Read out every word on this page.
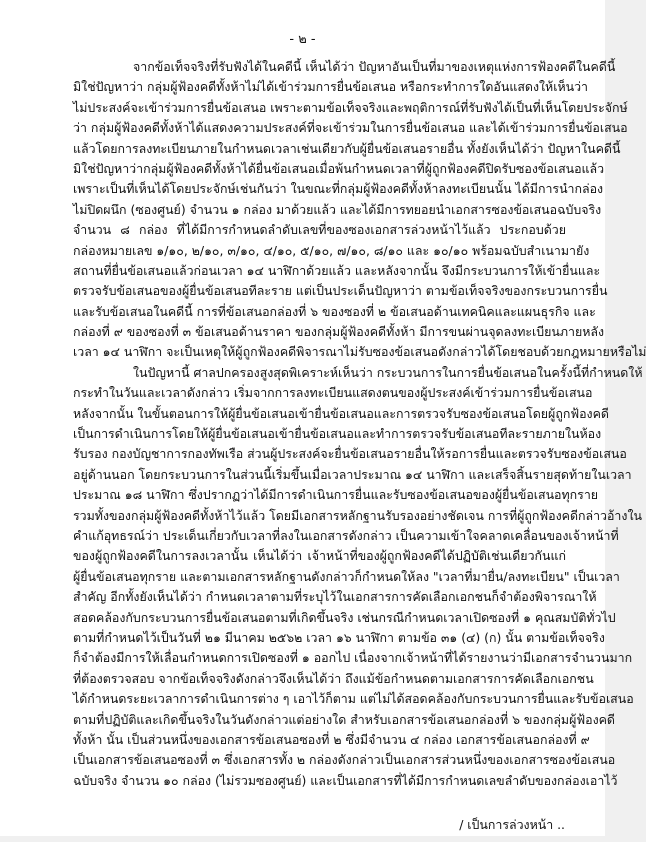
- ๒ -
จากข้อเท็จจริงที่รับฟังได้ในคดีนี้ เห็นได้ว่า ปัญหาอันเป็นที่มาของเหตุแห่งการฟ้องคดีในคดีนี้
มิใช่ปัญหาว่า กลุ่มผู้ฟ้องคดีทั้งห้าไม่ได้เข้าร่วมการยื่นข้อเสนอ หรือกระทำการใดอันแสดงให้เห็นว่า
ไม่ประสงค์จะเข้าร่วมการยื่นข้อเสนอ เพราะตามข้อเท็จจริงและพฤติการณ์ที่รับฟังได้เป็นที่เห็นโดยประจักษ์
ว่า กลุ่มผู้ฟ้องคดีทั้งห้าได้แสดงความประสงค์ที่จะเข้าร่วมในการยื่นข้อเสนอ และได้เข้าร่วมการยื่นข้อเสนอ
แล้วโดยการลงทะเบียนภายในกำหนดเวลาเช่นเดียวกับผู้ยื่นข้อเสนอรายอื่น ทั้งยังเห็นได้ว่า ปัญหาในคดีนี้
มิใช่ปัญหาว่ากลุ่มผู้ฟ้องคดีทั้งห้าได้ยื่นข้อเสนอเมื่อพ้นกำหนดเวลาที่ผู้ถูกฟ้องคดีปิดรับซองข้อเสนอแล้ว
เพราะเป็นที่เห็นได้โดยประจักษ์เช่นกันว่า ในขณะที่กลุ่มผู้ฟ้องคดีทั้งห้าลงทะเบียนนั้น ได้มีการนำกล่อง
ไม่ปิดผนึก (ซองศูนย์) จำนวน ๑ กล่อง มาด้วยแล้ว และได้มีการทยอยนำเอกสารซองข้อเสนอฉบับจริง
จำนวน ๘ กล่อง ที่ได้มีการกำหนดลำดับเลขที่ของซองเอกสารล่วงหน้าไว้แล้ว ประกอบด้วย
กล่องหมายเลข ๑/๑๐, ๒/๑๐, ๓/๑๐, ๔/๑๐, ๕/๑๐, ๗/๑๐, ๘/๑๐ และ ๑๐/๑๐ พร้อมฉบับสำเนามายัง
สถานที่ยื่นข้อเสนอแล้วก่อนเวลา ๑๔ นาฬิกาด้วยแล้ว และหลังจากนั้น จึงมีกระบวนการให้เข้ายื่นและ
ตรวจรับข้อเสนอของผู้ยื่นข้อเสนอทีละราย แต่เป็นประเด็นปัญหาว่า ตามข้อเท็จจริงของกระบวนการยื่น
และรับข้อเสนอในคดีนี้ การที่ข้อเสนอกล่องที่ ๖ ของซองที่ ๒ ข้อเสนอด้านเทคนิคและแผนธุรกิจ และ
กล่องที่ ๙ ของซองที่ ๓ ข้อเสนอด้านราคา ของกลุ่มผู้ฟ้องคดีทั้งห้า มีการขนผ่านจุดลงทะเบียนภายหลัง
เวลา ๑๔ นาฬิกา จะเป็นเหตุให้ผู้ถูกฟ้องคดีพิจารณาไม่รับซองข้อเสนอดังกล่าวได้โดยชอบด้วยกฎหมายหรือไม่
ในปัญหานี้ ศาลปกครองสูงสุดพิเคราะห์เห็นว่า กระบวนการในการยื่นข้อเสนอในครั้งนี้ที่กำหนดให้
กระทำในวันและเวลาดังกล่าว เริ่มจากการลงทะเบียนแสดงตนของผู้ประสงค์เข้าร่วมการยื่นข้อเสนอ
หลังจากนั้น ในขั้นตอนการให้ผู้ยื่นข้อเสนอเข้ายื่นข้อเสนอและการตรวจรับซองข้อเสนอโดยผู้ถูกฟ้องคดี
เป็นการดำเนินการโดยให้ผู้ยื่นข้อเสนอเข้ายื่นข้อเสนอและทำการตรวจรับข้อเสนอทีละรายภายในห้อง
รับรอง กองบัญชาการกองทัพเรือ ส่วนผู้ประสงค์จะยื่นข้อเสนอรายอื่นให้รอการยื่นและตรวจรับซองข้อเสนอ
อยู่ด้านนอก โดยกระบวนการในส่วนนี้เริ่มขึ้นเมื่อเวลาประมาณ ๑๔ นาฬิกา และเสร็จสิ้นรายสุดท้ายในเวลา
ประมาณ ๑๘ นาฬิกา ซึ่งปรากฏว่าได้มีการดำเนินการยื่นและรับซองข้อเสนอของผู้ยื่นข้อเสนอทุกราย
รวมทั้งของกลุ่มผู้ฟ้องคดีทั้งห้าไว้แล้ว โดยมีเอกสารหลักฐานรับรองอย่างชัดเจน การที่ผู้ถูกฟ้องคดีกล่าวอ้างใน
คำแก้อุทธรณ์ว่า ประเด็นเกี่ยวกับเวลาที่ลงในเอกสารดังกล่าว เป็นความเข้าใจคลาดเคลื่อนของเจ้าหน้าที่
ของผู้ถูกฟ้องคดีในการลงเวลานั้น เห็นได้ว่า เจ้าหน้าที่ของผู้ถูกฟ้องคดีได้ปฏิบัติเช่นเดียวกันแก่
ผู้ยื่นข้อเสนอทุกราย และตามเอกสารหลักฐานดังกล่าวก็กำหนดให้ลง "เวลาที่มายื่น/ลงทะเบียน" เป็นเวลา
สำคัญ อีกทั้งยังเห็นได้ว่า กำหนดเวลาตามที่ระบุไว้ในเอกสารการคัดเลือกเอกชนก็จำต้องพิจารณาให้
สอดคล้องกับกระบวนการยื่นข้อเสนอตามที่เกิดขึ้นจริง เช่นกรณีกำหนดเวลาเปิดซองที่ ๑ คุณสมบัติทั่วไป
ตามที่กำหนดไว้เป็นวันที่ ๒๑ มีนาคม ๒๕๖๒ เวลา ๑๖ นาฬิกา ตามข้อ ๓๑ (๔) (ก) นั้น ตามข้อเท็จจริง
ก็จำต้องมีการให้เลื่อนกำหนดการเปิดซองที่ ๑ ออกไป เนื่องจากเจ้าหน้าที่ได้รายงานว่ามีเอกสารจำนวนมาก
ที่ต้องตรวจสอบ จากข้อเท็จจริงดังกล่าวจึงเห็นได้ว่า ถึงแม้ข้อกำหนดตามเอกสารการคัดเลือกเอกชน
ได้กำหนดระยะเวลาการดำเนินการต่าง ๆ เอาไว้ก็ตาม แต่ไม่ได้สอดคล้องกับกระบวนการยื่นและรับข้อเสนอ
ตามที่ปฏิบัติและเกิดขึ้นจริงในวันดังกล่าวแต่อย่างใด สำหรับเอกสารข้อเสนอกล่องที่ ๖ ของกลุ่มผู้ฟ้องคดี
ทั้งห้า นั้น เป็นส่วนหนึ่งของเอกสารข้อเสนอซองที่ ๒ ซึ่งมีจำนวน ๔ กล่อง เอกสารข้อเสนอกล่องที่ ๙
เป็นเอกสารข้อเสนอซองที่ ๓ ซึ่งเอกสารทั้ง ๒ กล่องดังกล่าวเป็นเอกสารส่วนหนึ่งของเอกสารซองข้อเสนอ
ฉบับจริง จำนวน ๑๐ กล่อง (ไม่รวมซองศูนย์) และเป็นเอกสารที่ได้มีการกำหนดเลขลำดับของกล่องเอาไว้
/ เป็นการล่วงหน้า ..
